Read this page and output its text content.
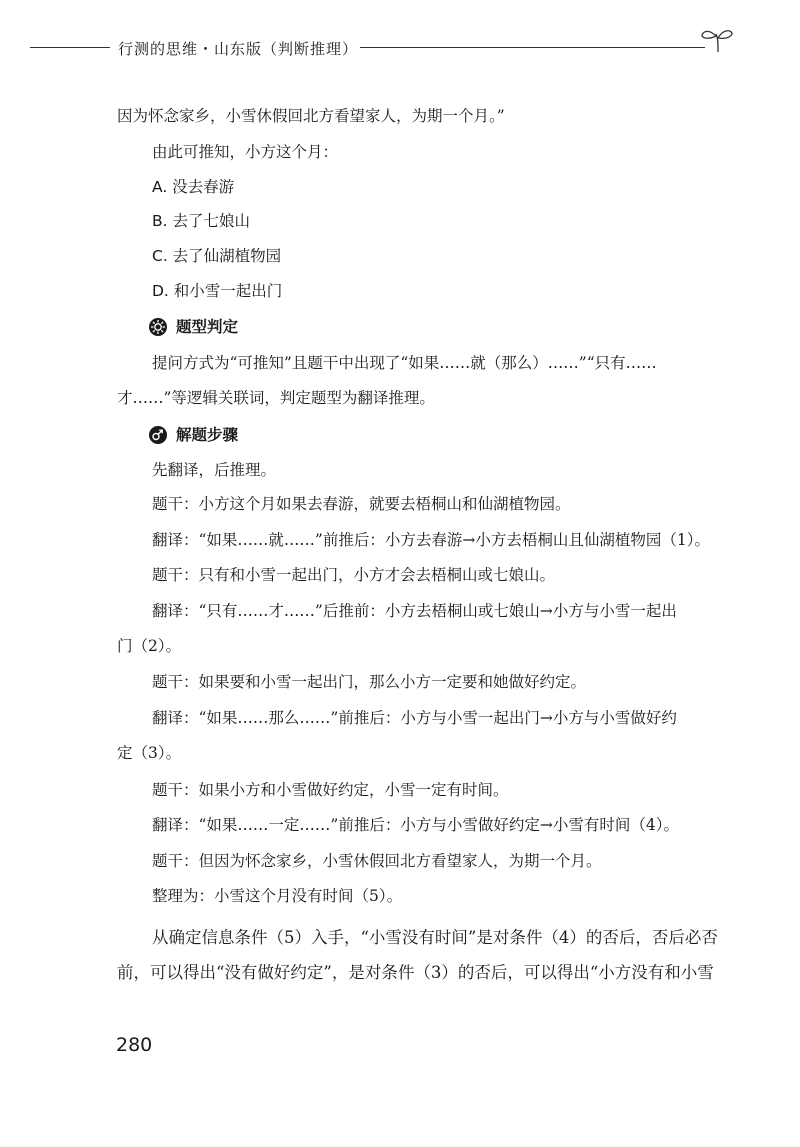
行测的思维・山东版（判断推理）
因为怀念家乡，小雪休假回北方看望家人，为期一个月。”
由此可推知，小方这个月：
A. 没去春游
B. 去了七娘山
C. 去了仙湖植物园
D. 和小雪一起出门
题型判定
提问方式为“可推知”且题干中出现了“如果……就（那么）……”“只有……
才……”等逻辑关联词，判定题型为翻译推理。
解题步骤
先翻译，后推理。
题干：小方这个月如果去春游，就要去梧桐山和仙湖植物园。
翻译：“如果……就……”前推后：小方去春游→小方去梧桐山且仙湖植物园（1）。
题干：只有和小雪一起出门，小方才会去梧桐山或七娘山。
翻译：“只有……才……”后推前：小方去梧桐山或七娘山→小方与小雪一起出
门（2）。
题干：如果要和小雪一起出门，那么小方一定要和她做好约定。
翻译：“如果……那么……”前推后：小方与小雪一起出门→小方与小雪做好约
定（3）。
题干：如果小方和小雪做好约定，小雪一定有时间。
翻译：“如果……一定……”前推后：小方与小雪做好约定→小雪有时间（4）。
题干：但因为怀念家乡，小雪休假回北方看望家人，为期一个月。
整理为：小雪这个月没有时间（5）。
从确定信息条件（5）入手，“小雪没有时间”是对条件（4）的否后，否后必否
前，可以得出“没有做好约定”，是对条件（3）的否后，可以得出“小方没有和小雪
280
